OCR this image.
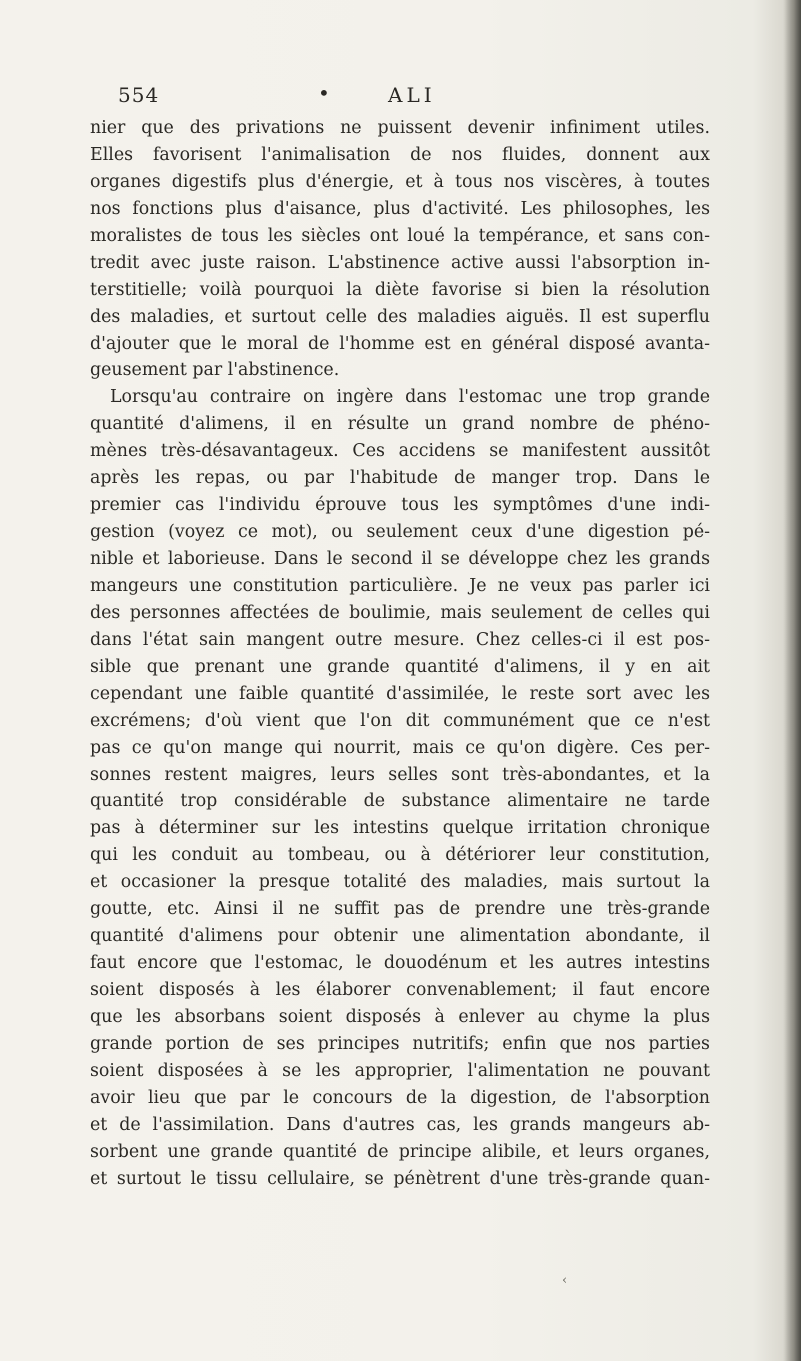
554	•	ALI
nier que des privations ne puissent devenir infiniment utiles.
Elles favorisent l'animalisation de nos fluides, donnent aux
organes digestifs plus d'énergie, et à tous nos viscères, à toutes
nos fonctions plus d'aisance, plus d'activité. Les philosophes, les
moralistes de tous les siècles ont loué la tempérance, et sans con-
tredit avec juste raison. L'abstinence active aussi l'absorption in-
terstitielle; voilà pourquoi la diète favorise si bien la résolution
des maladies, et surtout celle des maladies aiguës. Il est superflu
d'ajouter que le moral de l'homme est en général disposé avanta-
geusement par l'abstinence.
Lorsqu'au contraire on ingère dans l'estomac une trop grande
quantité d'alimens, il en résulte un grand nombre de phéno-
mènes très-désavantageux. Ces accidens se manifestent aussitôt
après les repas, ou par l'habitude de manger trop. Dans le
premier cas l'individu éprouve tous les symptômes d'une indi-
gestion (voyez ce mot), ou seulement ceux d'une digestion pé-
nible et laborieuse. Dans le second il se développe chez les grands
mangeurs une constitution particulière. Je ne veux pas parler ici
des personnes affectées de boulimie, mais seulement de celles qui
dans l'état sain mangent outre mesure. Chez celles-ci il est pos-
sible que prenant une grande quantité d'alimens, il y en ait
cependant une faible quantité d'assimilée, le reste sort avec les
excrémens; d'où vient que l'on dit communément que ce n'est
pas ce qu'on mange qui nourrit, mais ce qu'on digère. Ces per-
sonnes restent maigres, leurs selles sont très-abondantes, et la
quantité trop considérable de substance alimentaire ne tarde
pas à déterminer sur les intestins quelque irritation chronique
qui les conduit au tombeau, ou à détériorer leur constitution,
et occasioner la presque totalité des maladies, mais surtout la
goutte, etc. Ainsi il ne suffit pas de prendre une très-grande
quantité d'alimens pour obtenir une alimentation abondante, il
faut encore que l'estomac, le douodénum et les autres intestins
soient disposés à les élaborer convenablement; il faut encore
que les absorbans soient disposés à enlever au chyme la plus
grande portion de ses principes nutritifs; enfin que nos parties
soient disposées à se les approprier, l'alimentation ne pouvant
avoir lieu que par le concours de la digestion, de l'absorption
et de l'assimilation. Dans d'autres cas, les grands mangeurs ab-
sorbent une grande quantité de principe alibile, et leurs organes,
et surtout le tissu cellulaire, se pénètrent d'une très-grande quan-
‹
